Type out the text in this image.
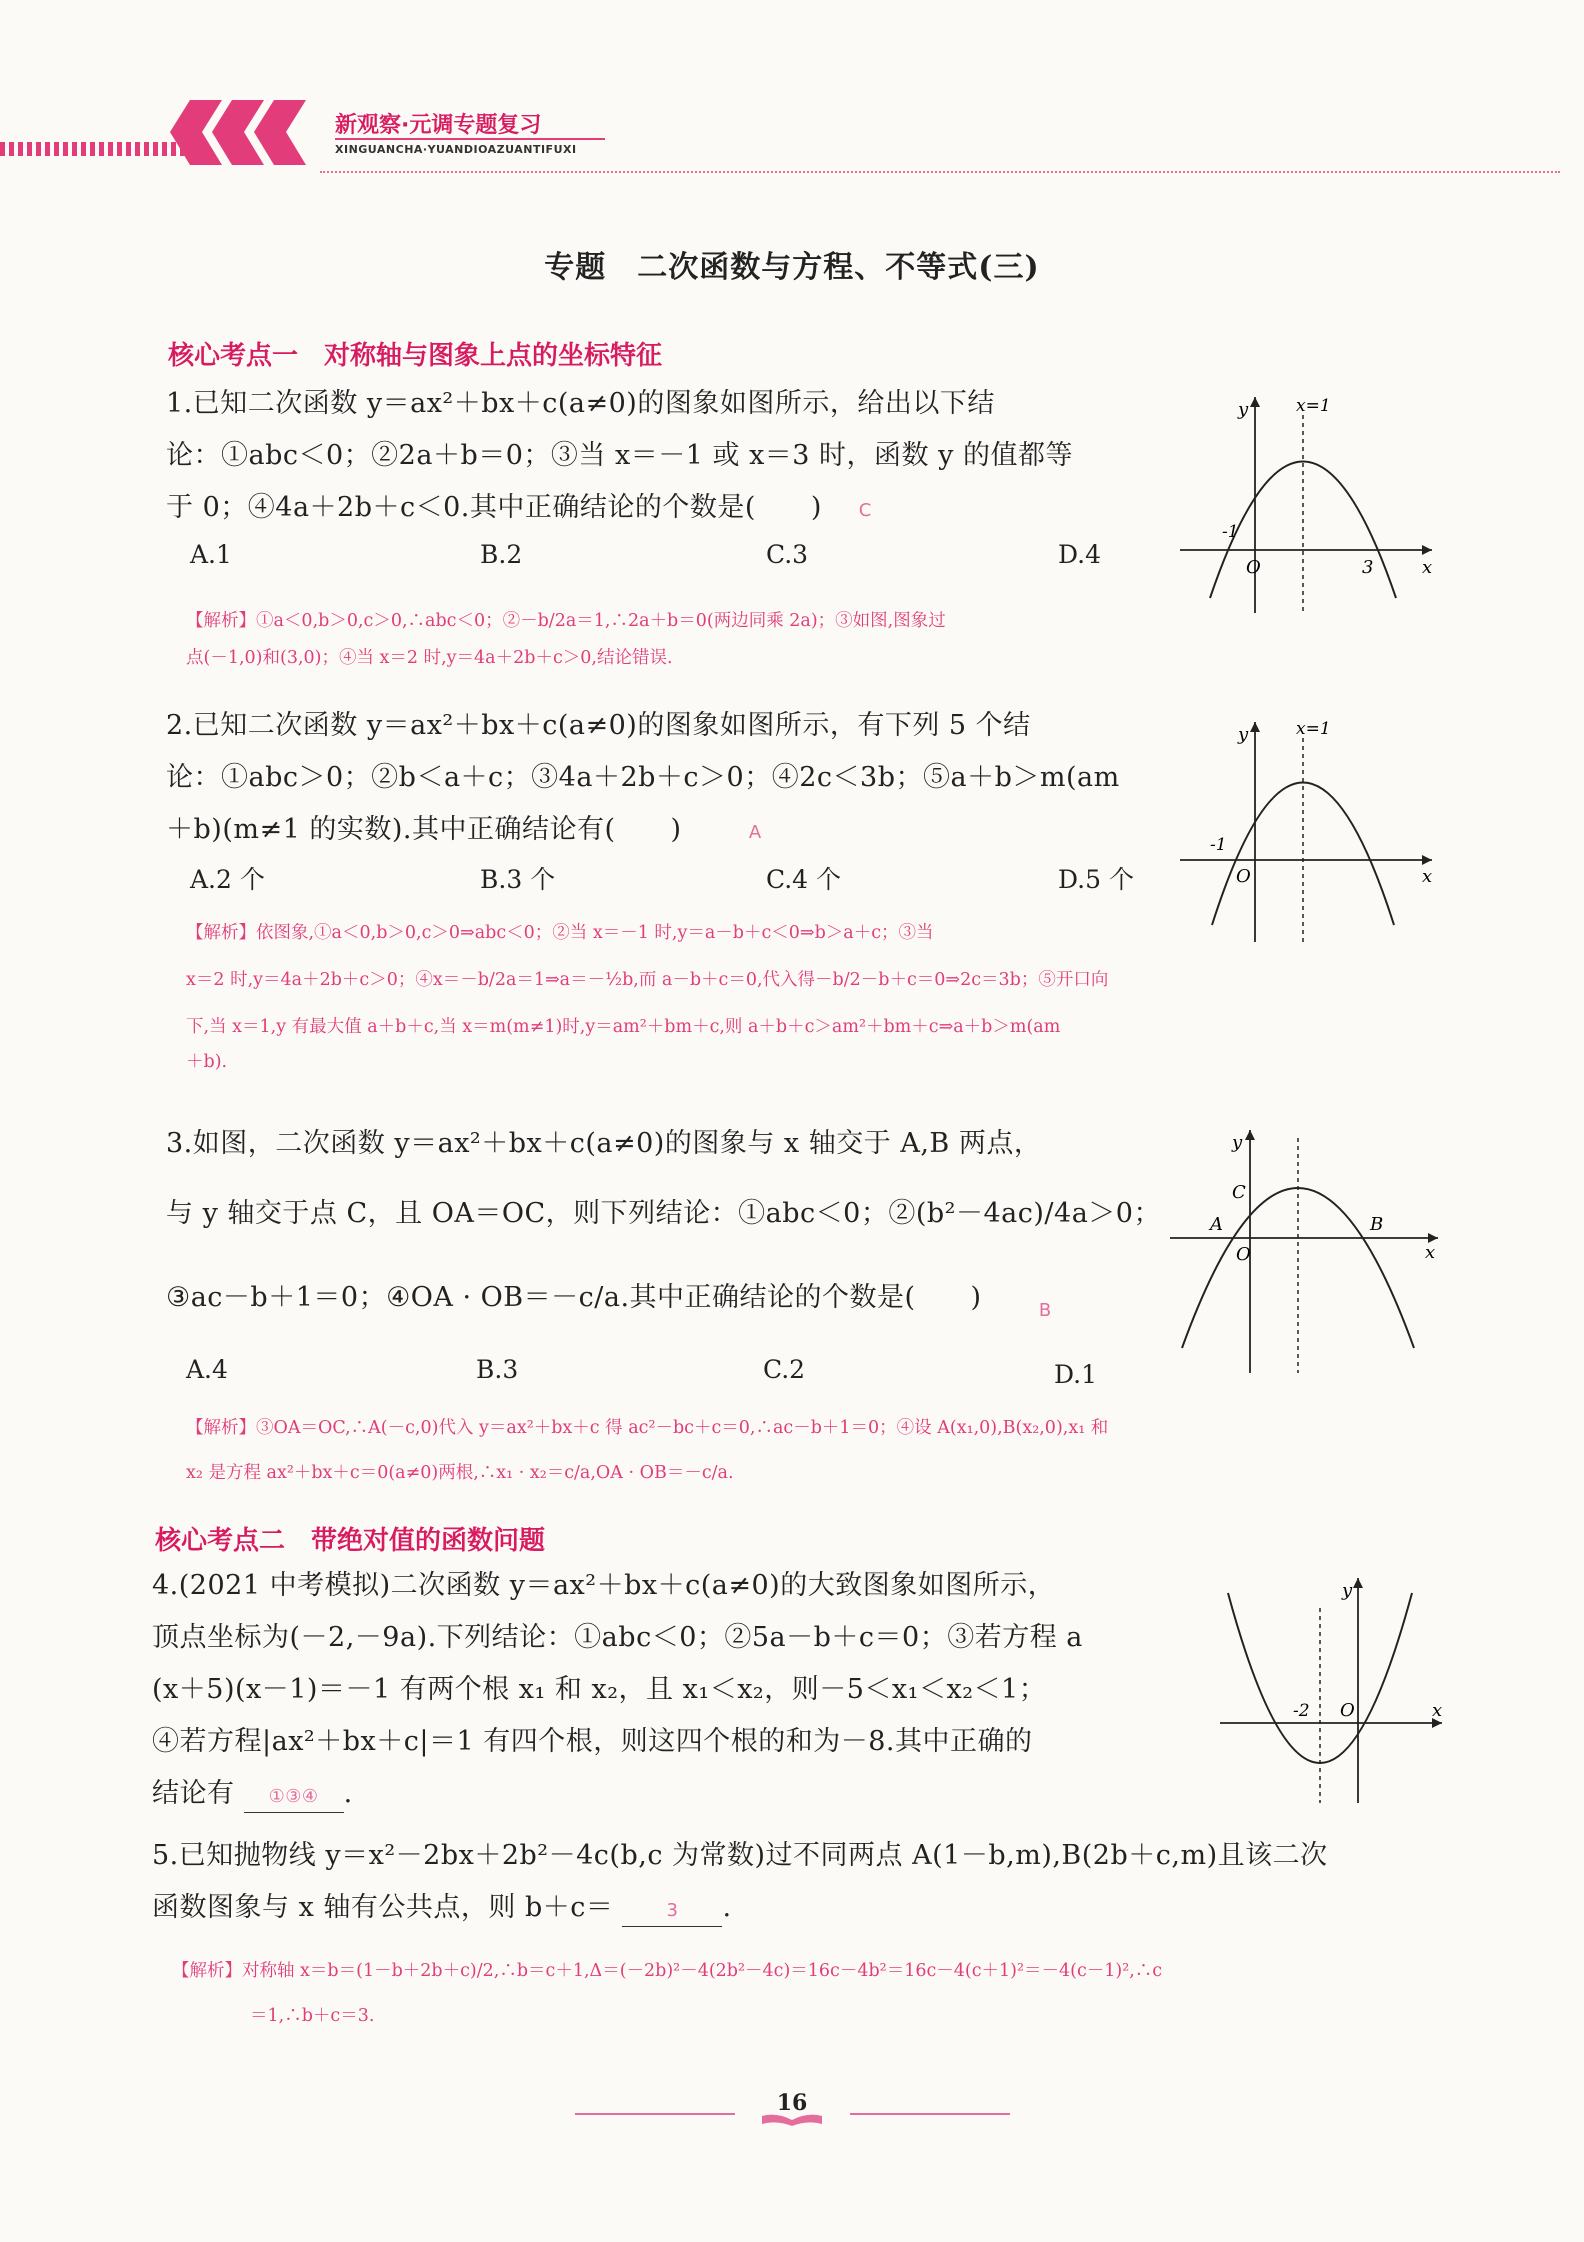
新观察·元调专题复习
XINGUANCHA·YUANDIOAZUANTIFUXI
专题　二次函数与方程、不等式(三)
核心考点一　对称轴与图象上点的坐标特征
1.已知二次函数 y＝ax²＋bx＋c(a≠0)的图象如图所示，给出以下结
论：①abc＜0；②2a＋b＝0；③当 x＝－1 或 x＝3 时，函数 y 的值都等
于 0；④4a＋2b＋c＜0.其中正确结论的个数是(　　)	C
A.1	B.2	C.3	D.4
【解析】①a＜0,b＞0,c＞0,∴abc＜0；②－b/2a＝1,∴2a＋b＝0(两边同乘 2a)；③如图,图象过
点(－1,0)和(3,0)；④当 x＝2 时,y＝4a＋2b＋c＞0,结论错误.
y	x=1
-1
O	3	x
2.已知二次函数 y＝ax²＋bx＋c(a≠0)的图象如图所示，有下列 5 个结
论：①abc＞0；②b＜a＋c；③4a＋2b＋c＞0；④2c＜3b；⑤a＋b＞m(am
＋b)(m≠1 的实数).其中正确结论有(　　)	A
A.2 个	B.3 个	C.4 个	D.5 个
【解析】依图象,①a＜0,b＞0,c＞0⇒abc＜0；②当 x＝－1 时,y＝a－b＋c＜0⇒b＞a＋c；③当
x＝2 时,y＝4a＋2b＋c＞0；④x＝－b/2a＝1⇒a＝－½b,而 a－b＋c＝0,代入得－b/2－b＋c＝0⇒2c＝3b；⑤开口向
下,当 x＝1,y 有最大值 a＋b＋c,当 x＝m(m≠1)时,y＝am²＋bm＋c,则 a＋b＋c＞am²＋bm＋c⇒a＋b＞m(am
＋b).
y	x=1
-1
O	x
3.如图，二次函数 y＝ax²＋bx＋c(a≠0)的图象与 x 轴交于 A,B 两点，
与 y 轴交于点 C，且 OA＝OC，则下列结论：①abc＜0；②(b²－4ac)/4a＞0；
③ac－b＋1＝0；④OA · OB＝－c/a.其中正确结论的个数是(　　)	B
A.4	B.3	C.2	D.1
【解析】③OA＝OC,∴A(－c,0)代入 y＝ax²＋bx＋c 得 ac²－bc＋c＝0,∴ac－b＋1＝0；④设 A(x₁,0),B(x₂,0),x₁ 和
x₂ 是方程 ax²＋bx＋c＝0(a≠0)两根,∴x₁ · x₂＝c/a,OA · OB＝－c/a.
y
C
A	B
O	x
核心考点二　带绝对值的函数问题
4.(2021 中考模拟)二次函数 y＝ax²＋bx＋c(a≠0)的大致图象如图所示，
顶点坐标为(－2,－9a).下列结论：①abc＜0；②5a－b＋c＝0；③若方程 a
(x＋5)(x－1)＝－1 有两个根 x₁ 和 x₂，且 x₁＜x₂，则－5＜x₁＜x₂＜1；
④若方程|ax²＋bx＋c|＝1 有四个根，则这四个根的和为－8.其中正确的
结论有 ①③④ .
y
-2 O	x
5.已知抛物线 y＝x²－2bx＋2b²－4c(b,c 为常数)过不同两点 A(1－b,m),B(2b＋c,m)且该二次
函数图象与 x 轴有公共点，则 b＋c＝	3 .
【解析】对称轴 x＝b＝(1－b＋2b＋c)/2,∴b＝c＋1,Δ＝(－2b)²－4(2b²－4c)＝16c－4b²＝16c－4(c＋1)²＝－4(c－1)²,∴c
＝1,∴b＋c＝3.
16
